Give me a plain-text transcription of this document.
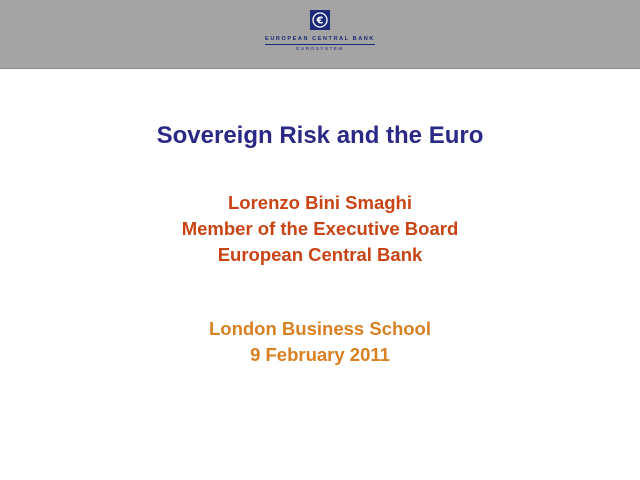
€
EUROPEAN CENTRAL BANK
EUROSYSTEM
Sovereign Risk and the Euro
Lorenzo Bini Smaghi
Member of the Executive Board
European Central Bank
London Business School
9 February 2011
